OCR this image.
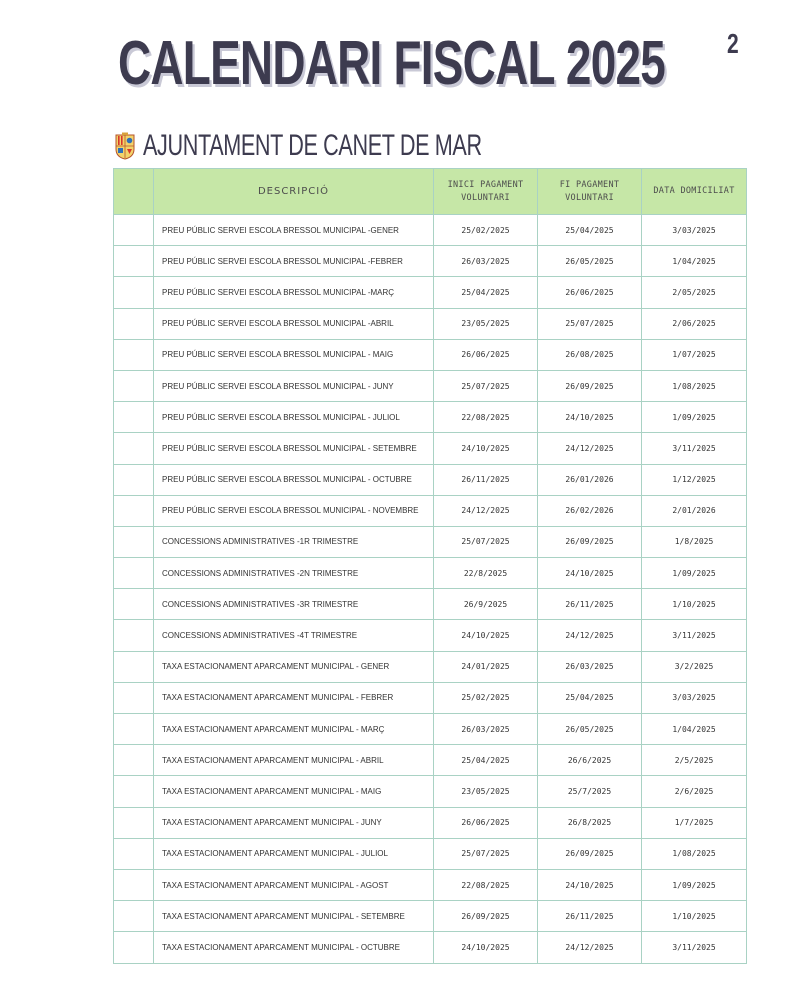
CALENDARI FISCAL 2025 2
AJUNTAMENT DE CANET DE MAR
	DESCRIPCIÓ	INICI PAGAMENT VOLUNTARI	FI PAGAMENT VOLUNTARI	DATA DOMICILIAT
	PREU PÚBLIC SERVEI ESCOLA BRESSOL MUNICIPAL -GENER	25/02/2025	25/04/2025	3/03/2025
	PREU PÚBLIC SERVEI ESCOLA BRESSOL MUNICIPAL -FEBRER	26/03/2025	26/05/2025	1/04/2025
	PREU PÚBLIC SERVEI ESCOLA BRESSOL MUNICIPAL -MARÇ	25/04/2025	26/06/2025	2/05/2025
	PREU PÚBLIC SERVEI ESCOLA BRESSOL MUNICIPAL -ABRIL	23/05/2025	25/07/2025	2/06/2025
	PREU PÚBLIC SERVEI ESCOLA BRESSOL MUNICIPAL - MAIG	26/06/2025	26/08/2025	1/07/2025
	PREU PÚBLIC SERVEI ESCOLA BRESSOL MUNICIPAL - JUNY	25/07/2025	26/09/2025	1/08/2025
	PREU PÚBLIC SERVEI ESCOLA BRESSOL MUNICIPAL - JULIOL	22/08/2025	24/10/2025	1/09/2025
	PREU PÚBLIC SERVEI ESCOLA BRESSOL MUNICIPAL - SETEMBRE	24/10/2025	24/12/2025	3/11/2025
	PREU PÚBLIC SERVEI ESCOLA BRESSOL MUNICIPAL - OCTUBRE	26/11/2025	26/01/2026	1/12/2025
	PREU PÚBLIC SERVEI ESCOLA BRESSOL MUNICIPAL - NOVEMBRE	24/12/2025	26/02/2026	2/01/2026
	CONCESSIONS ADMINISTRATIVES -1R TRIMESTRE	25/07/2025	26/09/2025	1/8/2025
	CONCESSIONS ADMINISTRATIVES -2N TRIMESTRE	22/8/2025	24/10/2025	1/09/2025
	CONCESSIONS ADMINISTRATIVES -3R TRIMESTRE	26/9/2025	26/11/2025	1/10/2025
	CONCESSIONS ADMINISTRATIVES -4T TRIMESTRE	24/10/2025	24/12/2025	3/11/2025
	TAXA ESTACIONAMENT APARCAMENT MUNICIPAL - GENER	24/01/2025	26/03/2025	3/2/2025
	TAXA ESTACIONAMENT APARCAMENT MUNICIPAL - FEBRER	25/02/2025	25/04/2025	3/03/2025
	TAXA ESTACIONAMENT APARCAMENT MUNICIPAL - MARÇ	26/03/2025	26/05/2025	1/04/2025
	TAXA ESTACIONAMENT APARCAMENT MUNICIPAL - ABRIL	25/04/2025	26/6/2025	2/5/2025
	TAXA ESTACIONAMENT APARCAMENT MUNICIPAL - MAIG	23/05/2025	25/7/2025	2/6/2025
	TAXA ESTACIONAMENT APARCAMENT MUNICIPAL - JUNY	26/06/2025	26/8/2025	1/7/2025
	TAXA ESTACIONAMENT APARCAMENT MUNICIPAL - JULIOL	25/07/2025	26/09/2025	1/08/2025
	TAXA ESTACIONAMENT APARCAMENT MUNICIPAL - AGOST	22/08/2025	24/10/2025	1/09/2025
	TAXA ESTACIONAMENT APARCAMENT MUNICIPAL - SETEMBRE	26/09/2025	26/11/2025	1/10/2025
	TAXA ESTACIONAMENT APARCAMENT MUNICIPAL - OCTUBRE	24/10/2025	24/12/2025	3/11/2025
